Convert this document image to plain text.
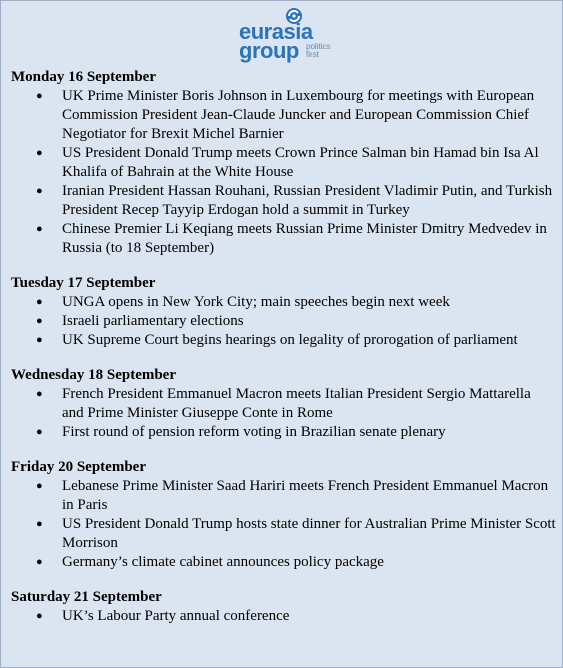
eurasia
group politics
first

Monday 16 September

● UK Prime Minister Boris Johnson in Luxembourg for meetings with European Commission President Jean-Claude Juncker and European Commission Chief Negotiator for Brexit Michel Barnier
● US President Donald Trump meets Crown Prince Salman bin Hamad bin Isa Al Khalifa of Bahrain at the White House
● Iranian President Hassan Rouhani, Russian President Vladimir Putin, and Turkish President Recep Tayyip Erdogan hold a summit in Turkey
● Chinese Premier Li Keqiang meets Russian Prime Minister Dmitry Medvedev in Russia (to 18 September)

Tuesday 17 September

● UNGA opens in New York City; main speeches begin next week
● Israeli parliamentary elections
● UK Supreme Court begins hearings on legality of prorogation of parliament

Wednesday 18 September

● French President Emmanuel Macron meets Italian President Sergio Mattarella and Prime Minister Giuseppe Conte in Rome
● First round of pension reform voting in Brazilian senate plenary

Friday 20 September

● Lebanese Prime Minister Saad Hariri meets French President Emmanuel Macron in Paris
● US President Donald Trump hosts state dinner for Australian Prime Minister Scott Morrison
● Germany’s climate cabinet announces policy package

Saturday 21 September

● UK’s Labour Party annual conference
